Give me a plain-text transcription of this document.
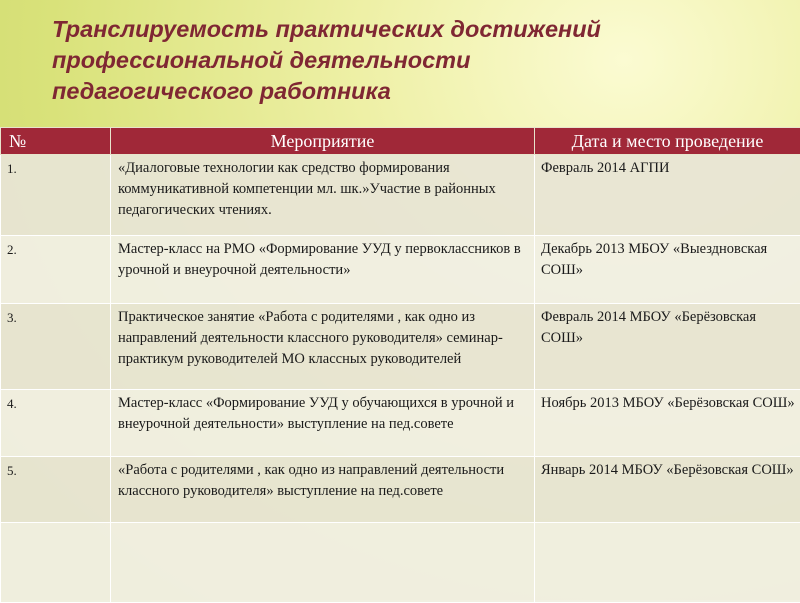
Транслируемость практических достижений
профессиональной деятельности
педагогического работника
№	Мероприятие	Дата и место проведение
1.	«Диалоговые технологии как средство формирования коммуникативной компетенции мл. шк.»Участие в районных педагогических чтениях.	Февраль 2014 АГПИ
2.	Мастер-класс на РМО «Формирование УУД у первоклассников в урочной и внеурочной деятельности»	Декабрь 2013 МБОУ «Выездновская СОШ»
3.	Практическое занятие «Работа с родителями , как одно из направлений деятельности классного руководителя» семинар-практикум руководителей МО классных руководителей	Февраль 2014 МБОУ «Берёзовская СОШ»
4.	Мастер-класс «Формирование УУД у обучающихся в урочной и внеурочной деятельности» выступление на пед.совете	Ноябрь 2013 МБОУ «Берёзовская СОШ»
5.	«Работа с родителями , как одно из направлений деятельности классного руководителя» выступление на пед.совете	Январь 2014 МБОУ «Берёзовская СОШ»
